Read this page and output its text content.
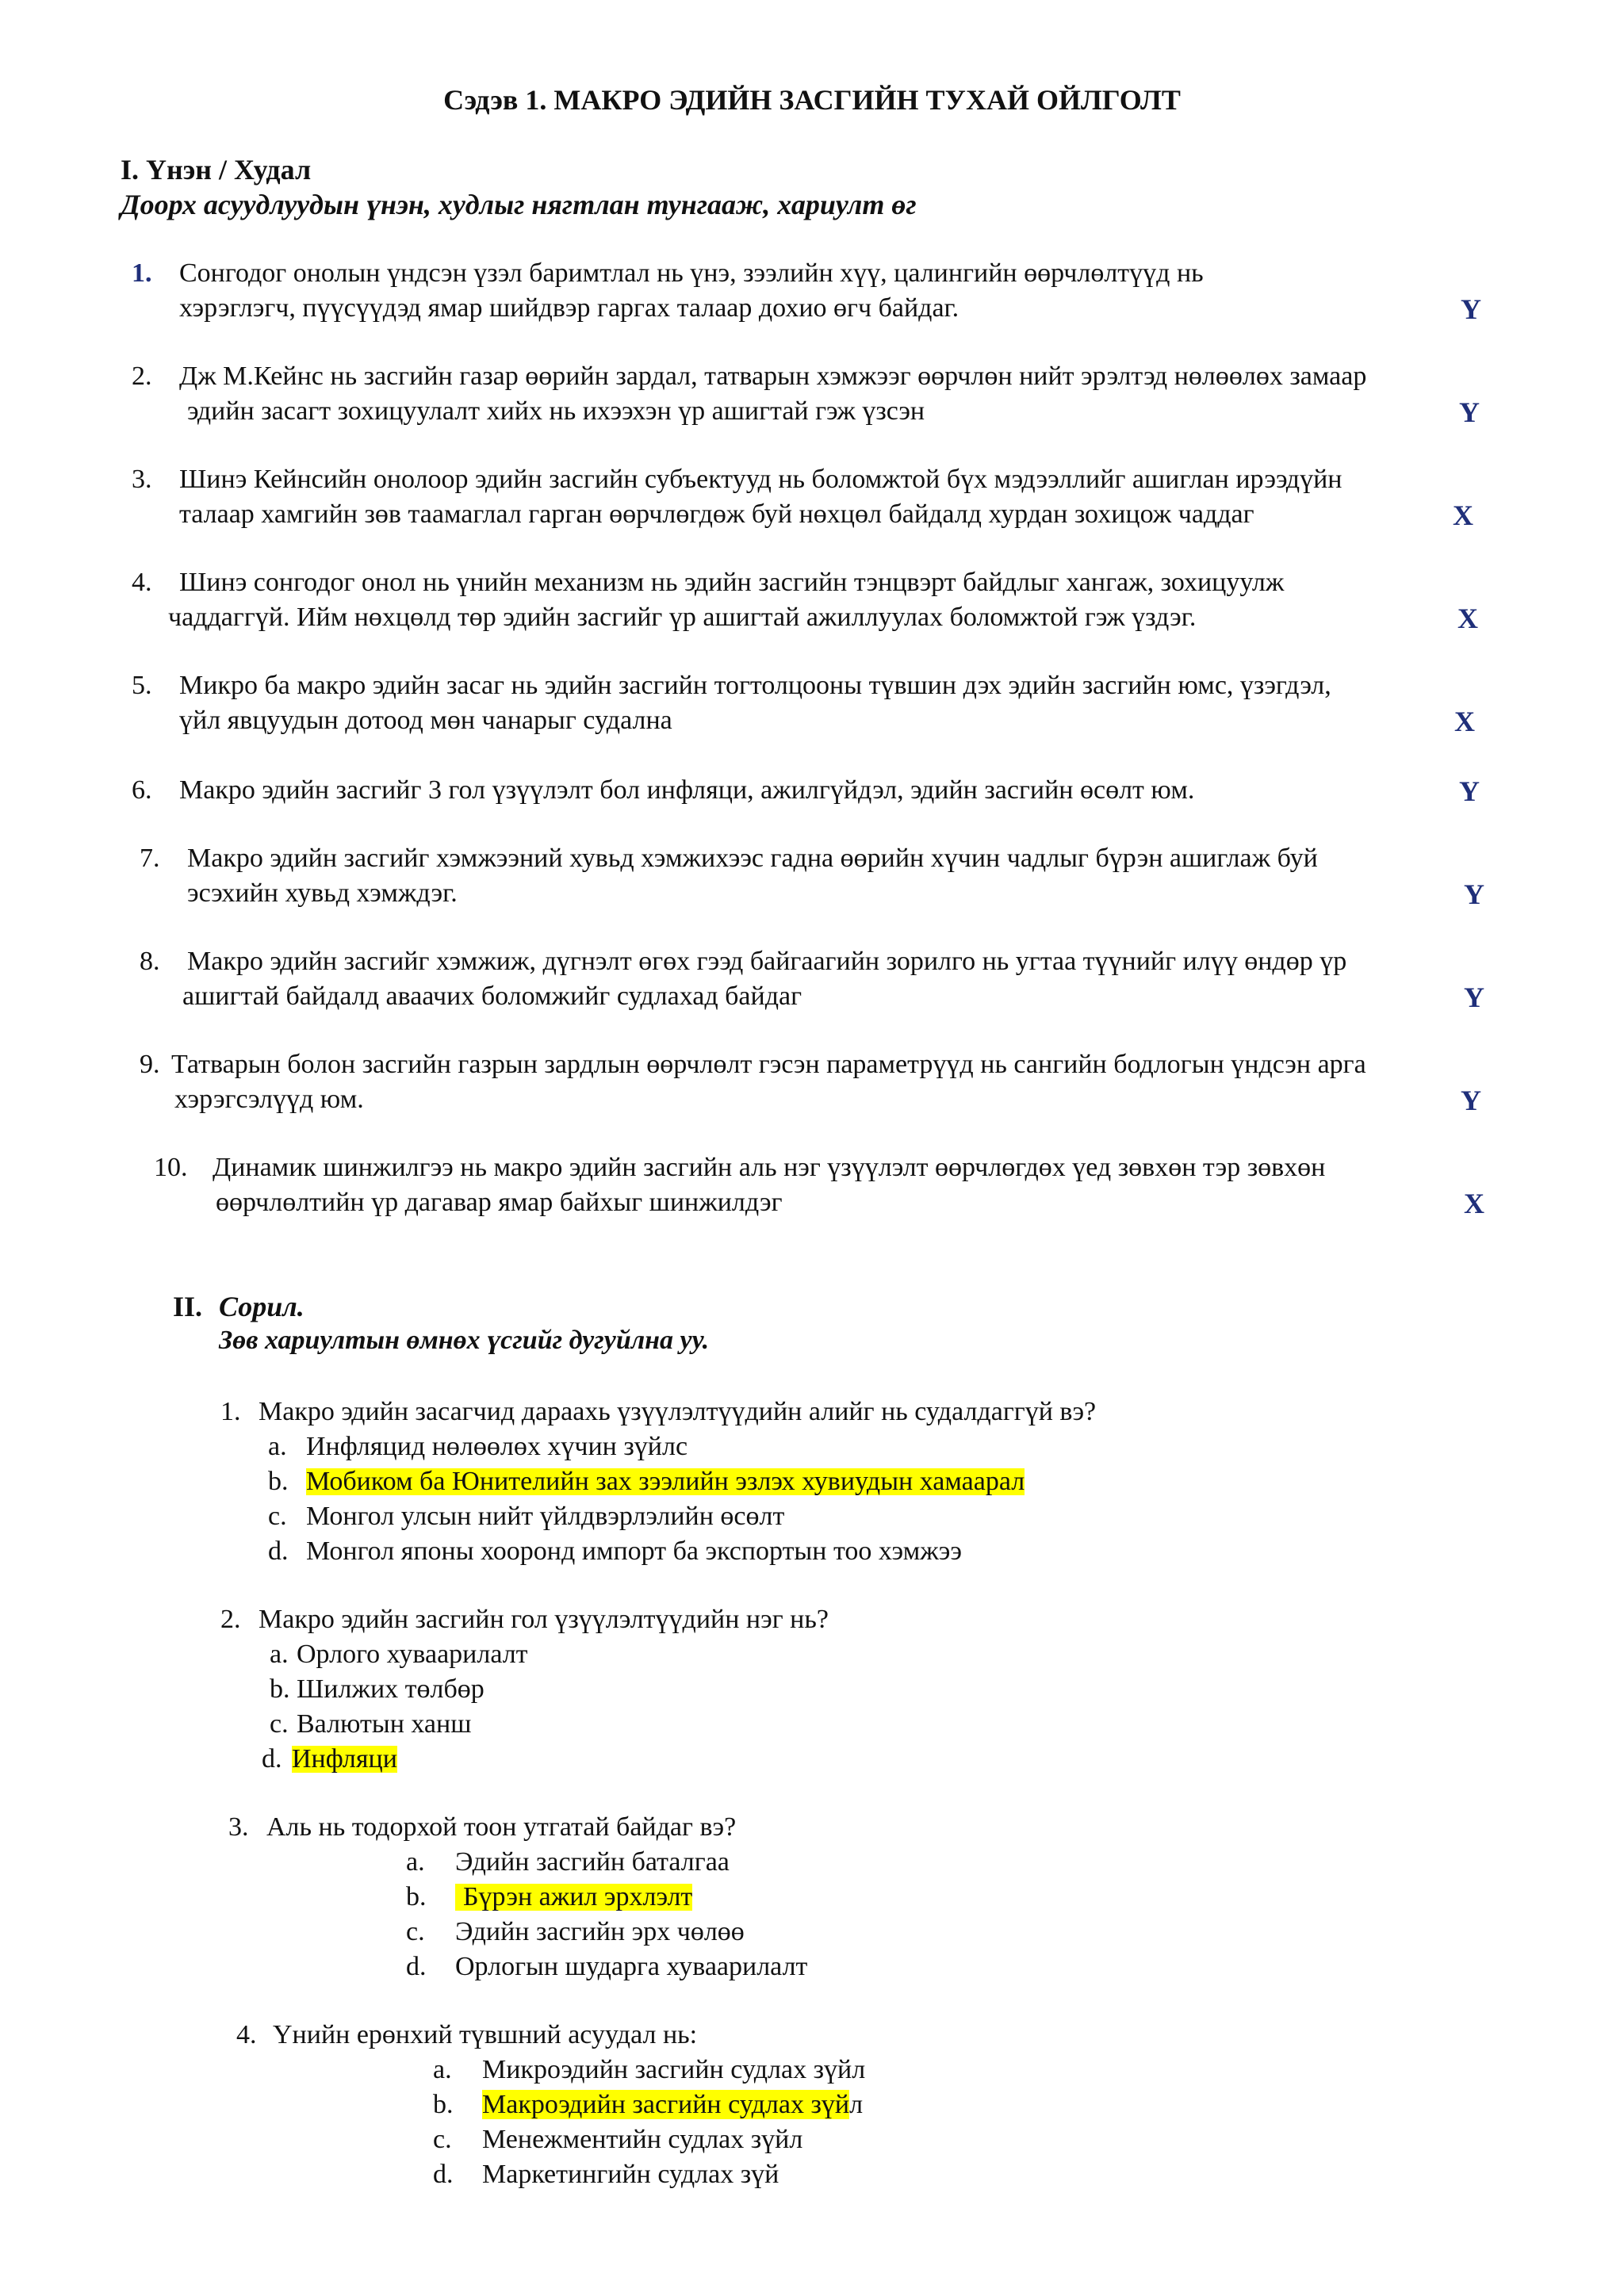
Сэдэв 1. МАКРО ЭДИЙН ЗАСГИЙН ТУХАЙ ОЙЛГОЛТ
I. Үнэн / Худал
Доорх асуудлуудын үнэн, худлыг нягтлан тунгааж, хариулт өг
1. Сонгодог онолын үндсэн үзэл баримтлал нь үнэ, зээлийн хүү, цалингийн өөрчлөлтүүд нь
хэрэглэгч, пүүсүүдэд ямар шийдвэр гаргах талаар дохио өгч байдаг.	Y
2. Дж М.Кейнс нь засгийн газар өөрийн зардал, татварын хэмжээг өөрчлөн нийт эрэлтэд нөлөөлөх замаар
эдийн засагт зохицуулалт хийх нь ихээхэн үр ашигтай гэж үзсэн	Y
3. Шинэ Кейнсийн онолоор эдийн засгийн субъектууд нь боломжтой бүх мэдээллийг ашиглан ирээдүйн
талаар хамгийн зөв таамаглал гарган өөрчлөгдөж буй нөхцөл байдалд хурдан зохицож чаддаг	X
4. Шинэ сонгодог онол нь үнийн механизм нь эдийн засгийн тэнцвэрт байдлыг хангаж, зохицуулж
чаддаггүй. Ийм нөхцөлд төр эдийн засгийг үр ашигтай ажиллуулах боломжтой гэж үздэг.	X
5. Микро ба макро эдийн засаг нь эдийн засгийн тогтолцооны түвшин дэх эдийн засгийн юмс, үзэгдэл,
үйл явцуудын дотоод мөн чанарыг судална	X
6. Макро эдийн засгийг 3 гол үзүүлэлт бол инфляци, ажилгүйдэл, эдийн засгийн өсөлт юм.	Y
7. Макро эдийн засгийг хэмжээний хувьд хэмжихээс гадна өөрийн хүчин чадлыг бүрэн ашиглаж буй
эсэхийн хувьд хэмждэг.	Y
8. Макро эдийн засгийг хэмжиж, дүгнэлт өгөх гээд байгаагийн зорилго нь угтаа түүнийг илүү өндөр үр
ашигтай байдалд аваачих боломжийг судлахад байдаг	Y
9. Татварын болон засгийн газрын зардлын өөрчлөлт гэсэн параметрүүд нь сангийн бодлогын үндсэн арга
хэрэгсэлүүд юм.	Y
10. Динамик шинжилгээ нь макро эдийн засгийн аль нэг үзүүлэлт өөрчлөгдөх үед зөвхөн тэр зөвхөн
өөрчлөлтийн үр дагавар ямар байхыг шинжилдэг	X
II. Сорил.
Зөв хариултын өмнөх үсгийг дугуйлна уу.
1. Макро эдийн засагчид дараахь үзүүлэлтүүдийн алийг нь судалдаггүй вэ?
a. Инфляцид нөлөөлөх хүчин зүйлс
b. Мобиком ба Юнителийн зах зээлийн эзлэх хувиудын хамаарал
c. Монгол улсын нийт үйлдвэрлэлийн өсөлт
d. Монгол японы хооронд импорт ба экспортын тоо хэмжээ
2. Макро эдийн засгийн гол үзүүлэлтүүдийн нэг нь?
a. Орлого хуваарилалт
b. Шилжих төлбөр
c. Валютын ханш
d. Инфляци
3. Аль нь тодорхой тоон утгатай байдаг вэ?
a. Эдийн засгийн баталгаа
b. Бүрэн ажил эрхлэлт
c. Эдийн засгийн эрх чөлөө
d. Орлогын шударга хуваарилалт
4. Үнийн ерөнхий түвшний асуудал нь:
a. Микроэдийн засгийн судлах зүйл
b. Макроэдийн засгийн судлах зүйл
c. Менежментийн судлах зүйл
d. Маркетингийн судлах зүй
